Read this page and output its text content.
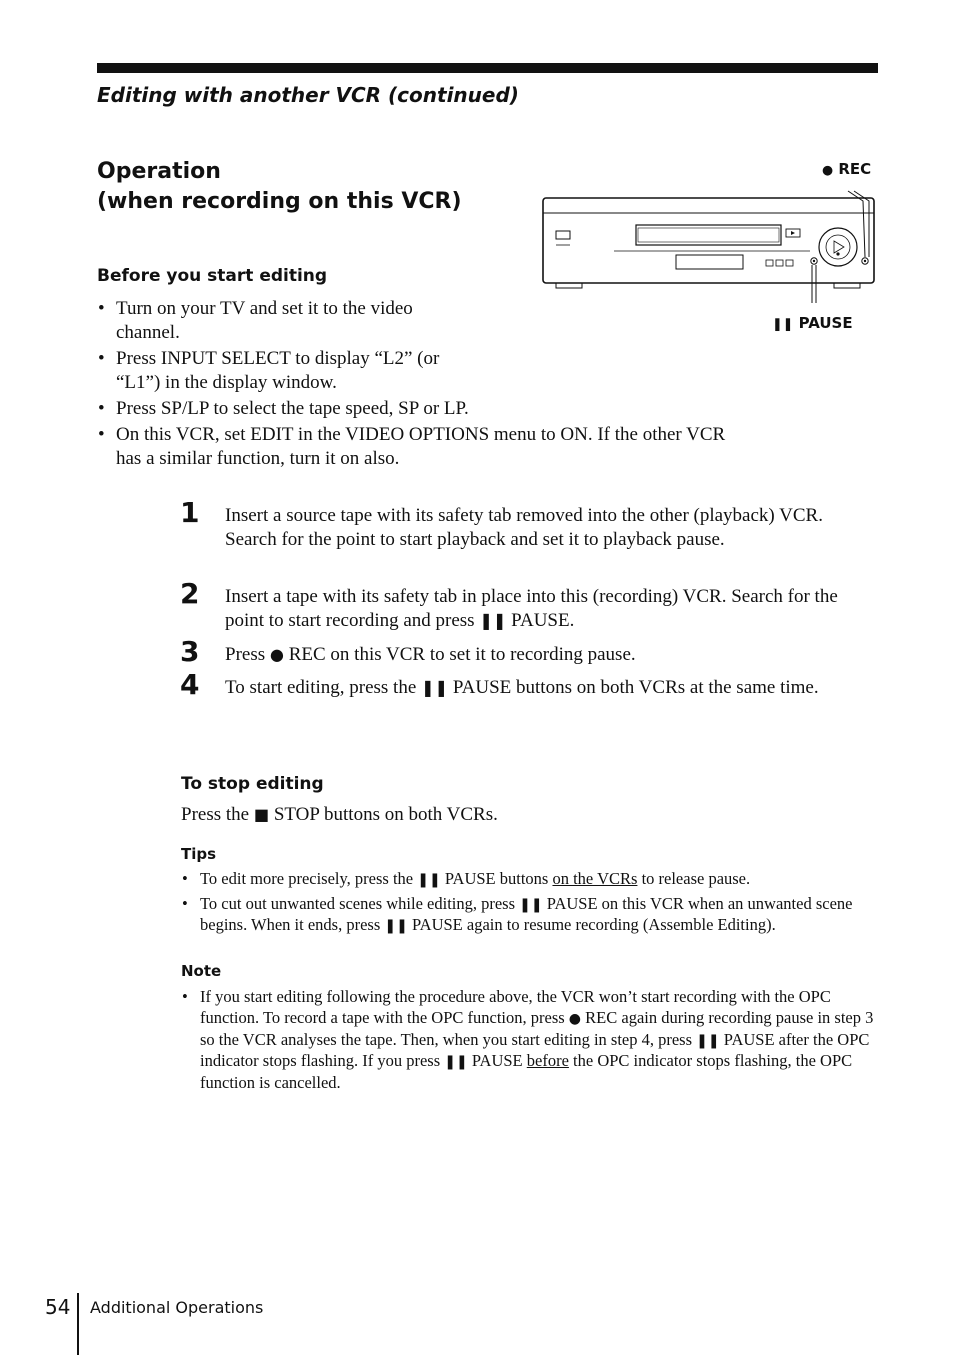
Editing with another VCR (continued)
Operation
(when recording on this VCR)
● REC
❚❚ PAUSE
Before you start editing
• Turn on your TV and set it to the video channel.
• Press INPUT SELECT to display “L2” (or “L1”) in the display window.
• Press SP/LP to select the tape speed, SP or LP.
• On this VCR, set EDIT in the VIDEO OPTIONS menu to ON. If the other VCR has a similar function, turn it on also.
1 Insert a source tape with its safety tab removed into the other (playback) VCR. Search for the point to start playback and set it to playback pause.
2 Insert a tape with its safety tab in place into this (recording) VCR. Search for the point to start recording and press ❚❚ PAUSE.
3 Press ● REC on this VCR to set it to recording pause.
4 To start editing, press the ❚❚ PAUSE buttons on both VCRs at the same time.
To stop editing
Press the ■ STOP buttons on both VCRs.
Tips
• To edit more precisely, press the ❚❚ PAUSE buttons on the VCRs to release pause.
• To cut out unwanted scenes while editing, press ❚❚ PAUSE on this VCR when an unwanted scene begins. When it ends, press ❚❚ PAUSE again to resume recording (Assemble Editing).
Note
• If you start editing following the procedure above, the VCR won’t start recording with the OPC function. To record a tape with the OPC function, press ● REC again during recording pause in step 3 so the VCR analyses the tape. Then, when you start editing in step 4, press ❚❚ PAUSE after the OPC indicator stops flashing. If you press ❚❚ PAUSE before the OPC indicator stops flashing, the OPC function is cancelled.
54 Additional Operations
